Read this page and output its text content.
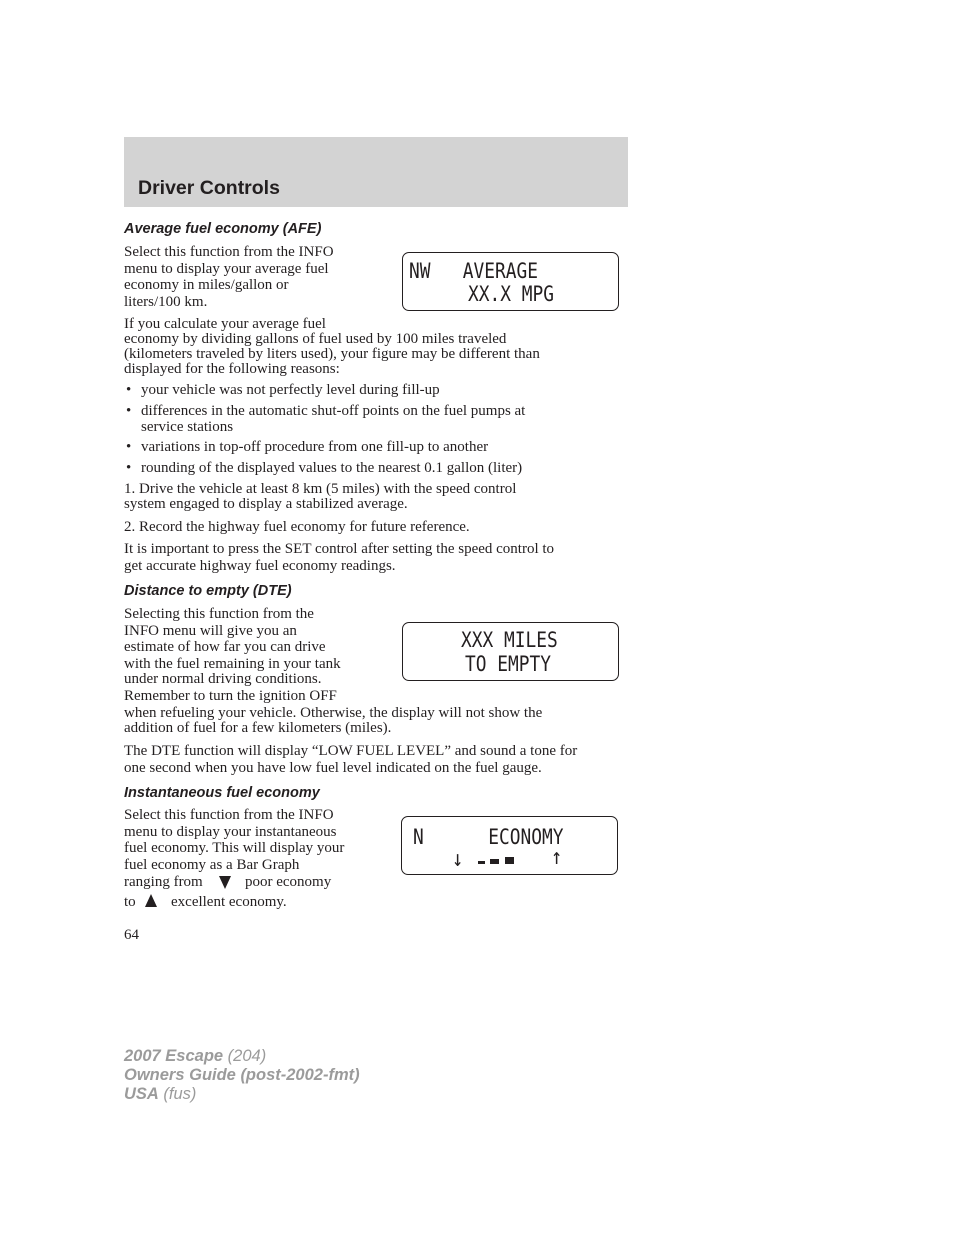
Driver Controls
Average fuel economy (AFE)

Select this function from the INFO

menu to display your average fuel

economy in miles/gallon or

liters/100 km.

NW   AVERAGE

XX.X MPG

If you calculate your average fuel

economy by dividing gallons of fuel used by 100 miles traveled

(kilometers traveled by liters used), your figure may be different than

displayed for the following reasons:

• your vehicle was not perfectly level during fill-up
• differences in the automatic shut-off points on the fuel pumps at
service stations
• variations in top-off procedure from one fill-up to another
• rounding of the displayed values to the nearest 0.1 gallon (liter)

1. Drive the vehicle at least 8 km (5 miles) with the speed control

system engaged to display a stabilized average.

2. Record the highway fuel economy for future reference.

It is important to press the SET control after setting the speed control to

get accurate highway fuel economy readings.

Distance to empty (DTE)

Selecting this function from the

INFO menu will give you an

estimate of how far you can drive

with the fuel remaining in your tank

under normal driving conditions.

Remember to turn the ignition OFF

when refueling your vehicle. Otherwise, the display will not show the

addition of fuel for a few kilometers (miles).

XXX MILES

TO EMPTY

The DTE function will display “LOW FUEL LEVEL” and sound a tone for

one second when you have low fuel level indicated on the fuel gauge.

Instantaneous fuel economy

Select this function from the INFO

menu to display your instantaneous

fuel economy. This will display your

fuel economy as a Bar Graph

ranging from	poor economy

to excellent economy.

N      ECONOMY

↓	↑

64

2007 Escape (204)
Owners Guide (post-2002-fmt)
USA (fus)
